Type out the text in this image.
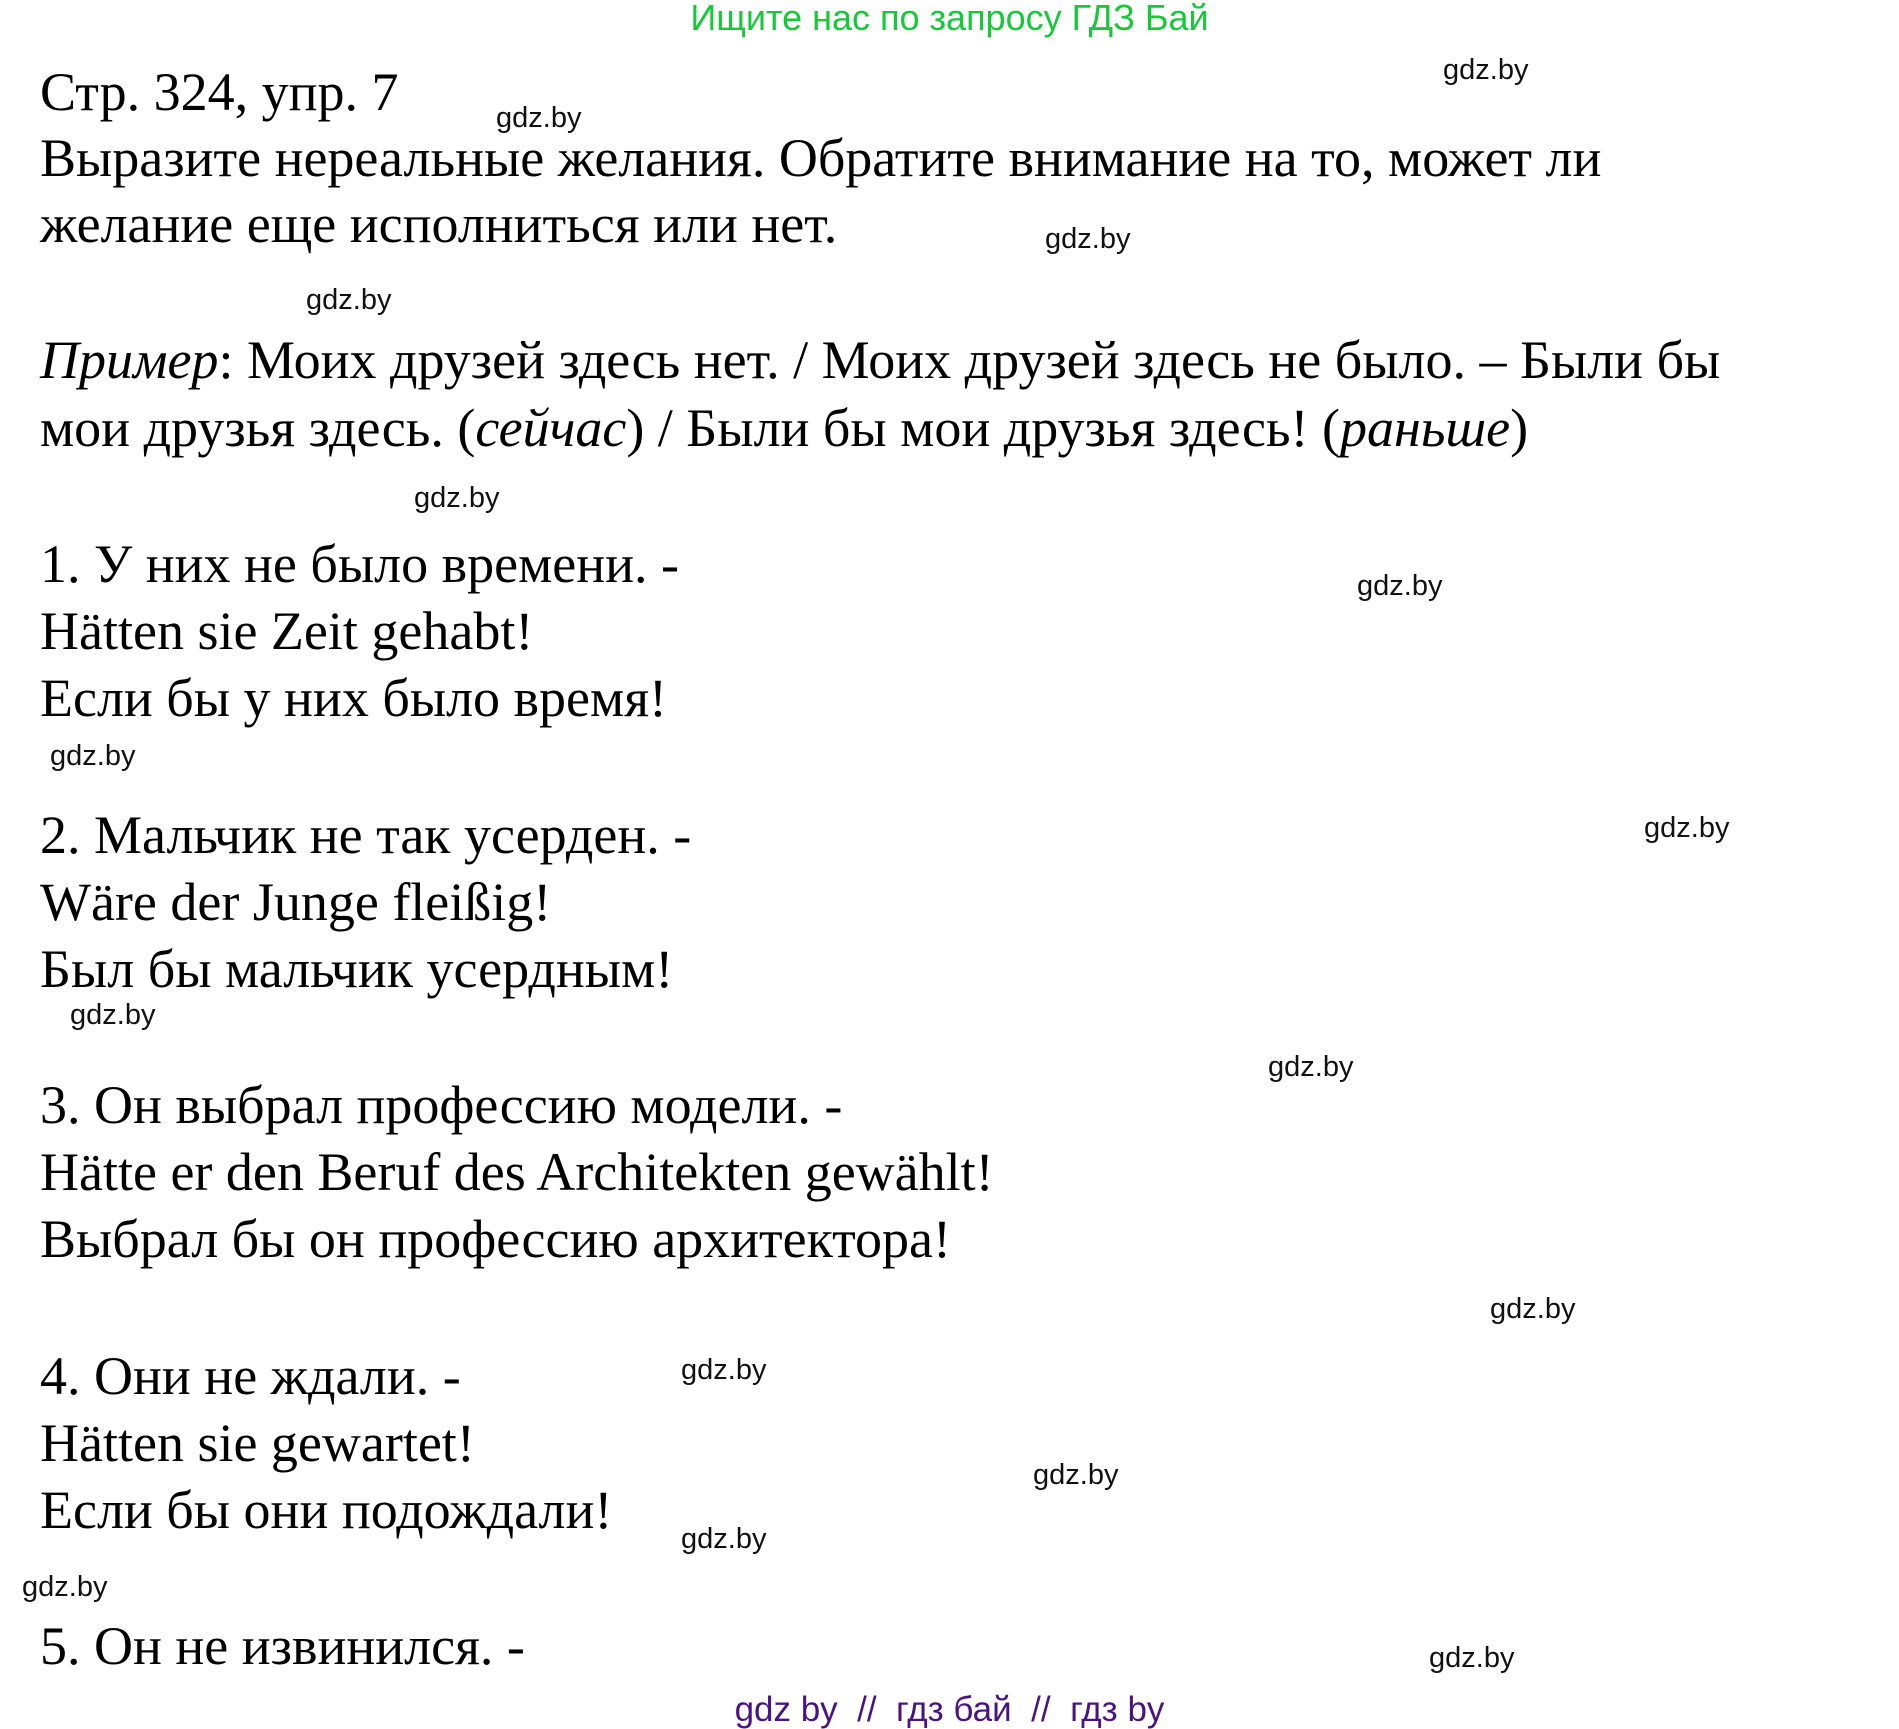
Ищите нас по запросу ГДЗ Бай
Стр. 324, упр. 7
Выразите нереальные желания. Обратите внимание на то, может ли
желание еще исполниться или нет.
Пример: Моих друзей здесь нет. / Моих друзей здесь не было. – Были бы
мои друзья здесь. (сейчас) / Были бы мои друзья здесь! (раньше)
1. У них не было времени. -
Hätten sie Zeit gehabt!
Если бы у них было время!
2. Мальчик не так усерден. -
Wäre der Junge fleißig!
Был бы мальчик усердным!
3. Он выбрал профессию модели. -
Hätte er den Beruf des Architekten gewählt!
Выбрал бы он профессию архитектора!
4. Они не ждали. -
Hätten sie gewartet!
Если бы они подождали!
5. Он не извинился. -
gdz.by
gdz.by
gdz.by
gdz.by
gdz.by
gdz.by
gdz.by
gdz.by
gdz.by
gdz.by
gdz.by
gdz.by
gdz.by
gdz.by
gdz.by
gdz.by
gdz by  //  гдз бай  //  гдз by
